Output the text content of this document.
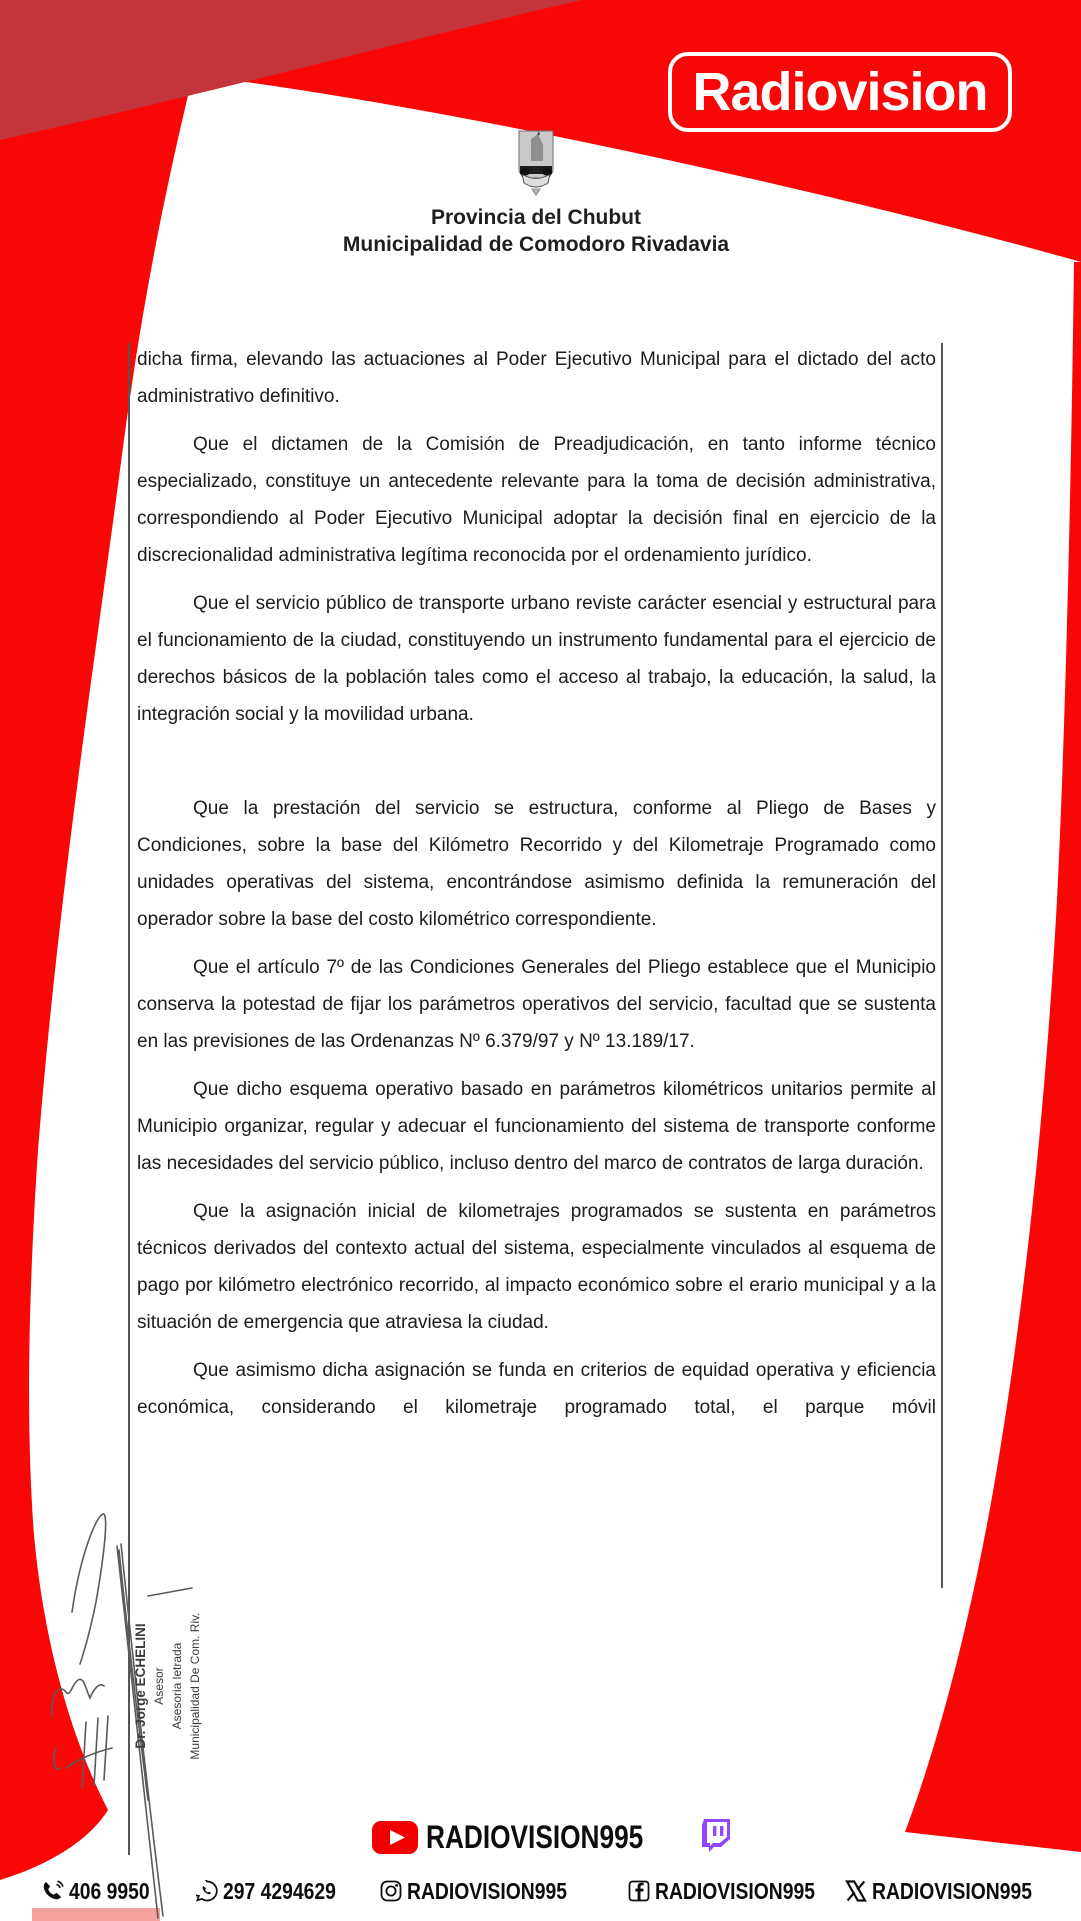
Radiovision
Provincia del Chubut
Municipalidad de Comodoro Rivadavia

dicha firma, elevando las actuaciones al Poder Ejecutivo Municipal para el dictado del acto administrativo definitivo.

Que el dictamen de la Comisión de Preadjudicación, en tanto informe técnico especializado, constituye un antecedente relevante para la toma de decisión administrativa, correspondiendo al Poder Ejecutivo Municipal adoptar la decisión final en ejercicio de la discrecionalidad administrativa legítima reconocida por el ordenamiento jurídico.

Que el servicio público de transporte urbano reviste carácter esencial y estructural para el funcionamiento de la ciudad, constituyendo un instrumento fundamental para el ejercicio de derechos básicos de la población tales como el acceso al trabajo, la educación, la salud, la integración social y la movilidad urbana.

Que la prestación del servicio se estructura, conforme al Pliego de Bases y Condiciones, sobre la base del Kilómetro Recorrido y del Kilometraje Programado como unidades operativas del sistema, encontrándose asimismo definida la remuneración del operador sobre la base del costo kilométrico correspondiente.

Que el artículo 7º de las Condiciones Generales del Pliego establece que el Municipio conserva la potestad de fijar los parámetros operativos del servicio, facultad que se sustenta en las previsiones de las Ordenanzas Nº 6.379/97 y Nº 13.189/17.

Que dicho esquema operativo basado en parámetros kilométricos unitarios permite al Municipio organizar, regular y adecuar el funcionamiento del sistema de transporte conforme las necesidades del servicio público, incluso dentro del marco de contratos de larga duración.

Que la asignación inicial de kilometrajes programados se sustenta en parámetros técnicos derivados del contexto actual del sistema, especialmente vinculados al esquema de pago por kilómetro electrónico recorrido, al impacto económico sobre el erario municipal y a la situación de emergencia que atraviesa la ciudad.

Que asimismo dicha asignación se funda en criterios de equidad operativa y eficiencia económica, considerando el kilometraje programado total, el parque móvil

Dr. Jorge ECHELINI Asesor Asesoria letrada Municipalidad De Com. Riv.
RADIOVISION995
406 9950	297 4294629	RADIOVISION995	RADIOVISION995 RADIOVISION995
